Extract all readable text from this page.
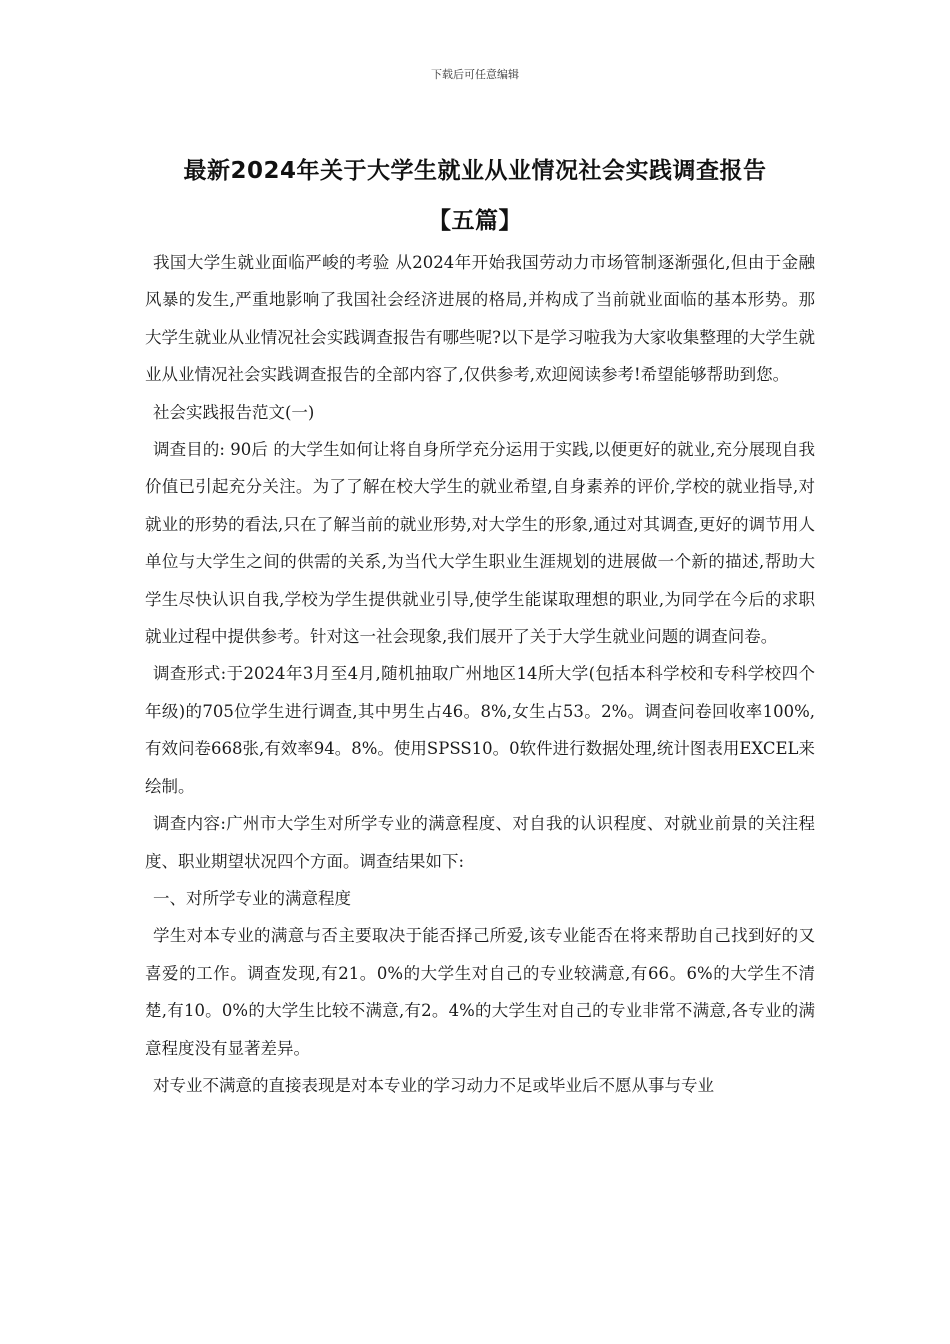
下载后可任意编辑
最新2024年关于大学生就业从业情况社会实践调查报告
【五篇】

我国大学生就业面临严峻的考验 从2024年开始我国劳动力市场管制逐渐强化,但由于金融风暴的发生,严重地影响了我国社会经济进展的格局,并构成了当前就业面临的基本形势。那大学生就业从业情况社会实践调查报告有哪些呢?以下是学习啦我为大家收集整理的大学生就业从业情况社会实践调查报告的全部内容了,仅供参考,欢迎阅读参考!希望能够帮助到您。

社会实践报告范文(一)

调查目的: 90后 的大学生如何让将自身所学充分运用于实践,以便更好的就业,充分展现自我价值已引起充分关注。为了了解在校大学生的就业希望,自身素养的评价,学校的就业指导,对就业的形势的看法,只在了解当前的就业形势,对大学生的形象,通过对其调查,更好的调节用人单位与大学生之间的供需的关系,为当代大学生职业生涯规划的进展做一个新的描述,帮助大学生尽快认识自我,学校为学生提供就业引导,使学生能谋取理想的职业,为同学在今后的求职就业过程中提供参考。针对这一社会现象,我们展开了关于大学生就业问题的调查问卷。

调查形式:于2024年3月至4月,随机抽取广州地区14所大学(包括本科学校和专科学校四个年级)的705位学生进行调查,其中男生占46。8%,女生占53。2%。调查问卷回收率100%,有效问卷668张,有效率94。8%。使用SPSS10。0软件进行数据处理,统计图表用EXCEL来绘制。

调查内容:广州市大学生对所学专业的满意程度、对自我的认识程度、对就业前景的关注程度、职业期望状况四个方面。调查结果如下:

一、对所学专业的满意程度

学生对本专业的满意与否主要取决于能否择己所爱,该专业能否在将来帮助自己找到好的又喜爱的工作。调查发现,有21。0%的大学生对自己的专业较满意,有66。6%的大学生不清楚,有10。0%的大学生比较不满意,有2。4%的大学生对自己的专业非常不满意,各专业的满意程度没有显著差异。

对专业不满意的直接表现是对本专业的学习动力不足或毕业后不愿从事与专业
